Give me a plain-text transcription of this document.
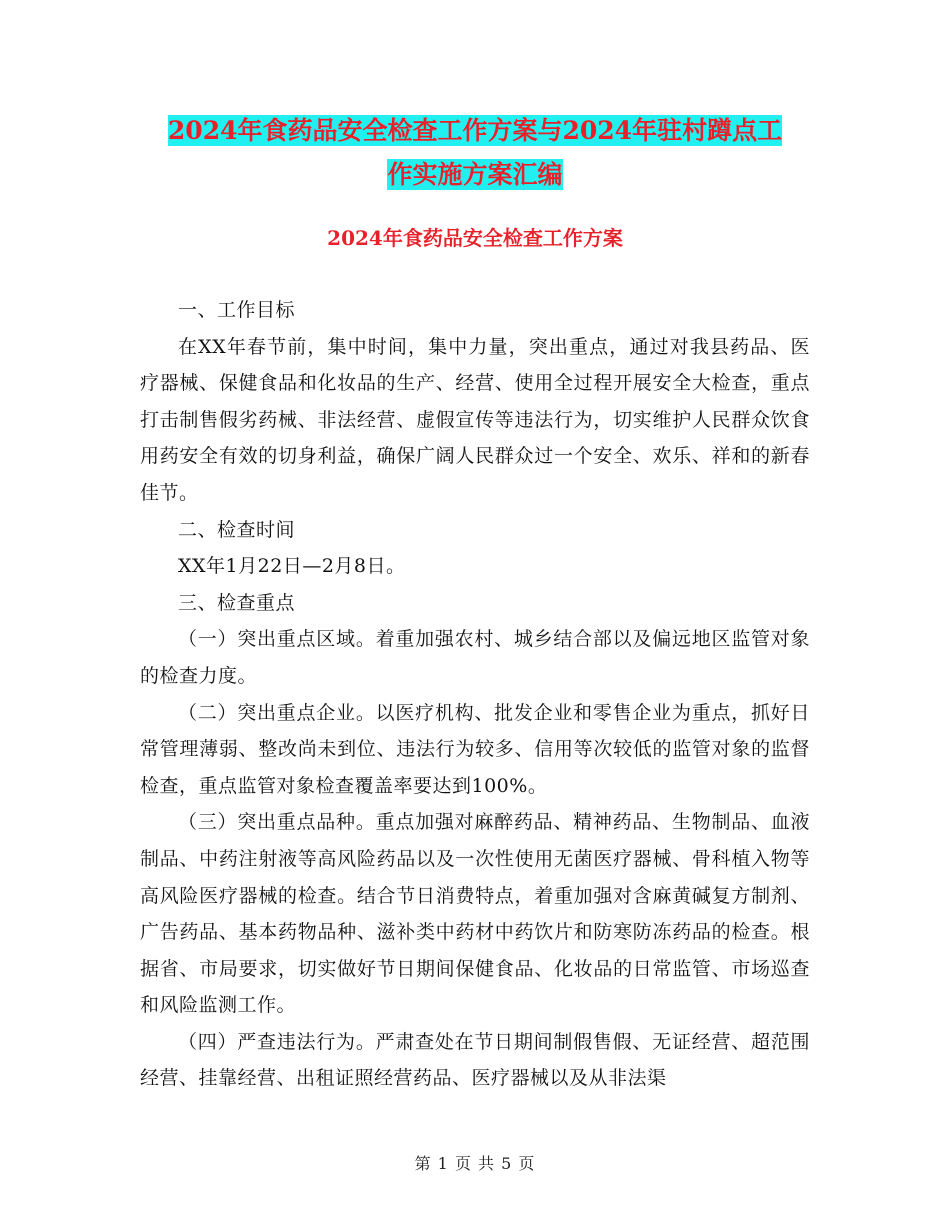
2024年食药品安全检查工作方案与2024年驻村蹲点工
作实施方案汇编
2024年食药品安全检查工作方案

一、工作目标

在XX年春节前，集中时间，集中力量，突出重点，通过对我县药品、医疗器械、保健食品和化妆品的生产、经营、使用全过程开展安全大检查，重点打击制售假劣药械、非法经营、虚假宣传等违法行为，切实维护人民群众饮食用药安全有效的切身利益，确保广阔人民群众过一个安全、欢乐、祥和的新春佳节。

二、检查时间

XX年1月22日—2月8日。

三、检查重点

（一）突出重点区域。着重加强农村、城乡结合部以及偏远地区监管对象的检查力度。

（二）突出重点企业。以医疗机构、批发企业和零售企业为重点，抓好日常管理薄弱、整改尚未到位、违法行为较多、信用等次较低的监管对象的监督检查，重点监管对象检查覆盖率要达到100%。

（三）突出重点品种。重点加强对麻醉药品、精神药品、生物制品、血液制品、中药注射液等高风险药品以及一次性使用无菌医疗器械、骨科植入物等高风险医疗器械的检查。结合节日消费特点，着重加强对含麻黄碱复方制剂、广告药品、基本药物品种、滋补类中药材中药饮片和防寒防冻药品的检查。根据省、市局要求，切实做好节日期间保健食品、化妆品的日常监管、市场巡查和风险监测工作。

（四）严查违法行为。严肃查处在节日期间制假售假、无证经营、超范围经营、挂靠经营、出租证照经营药品、医疗器械以及从非法渠

第 1 页 共 5 页
